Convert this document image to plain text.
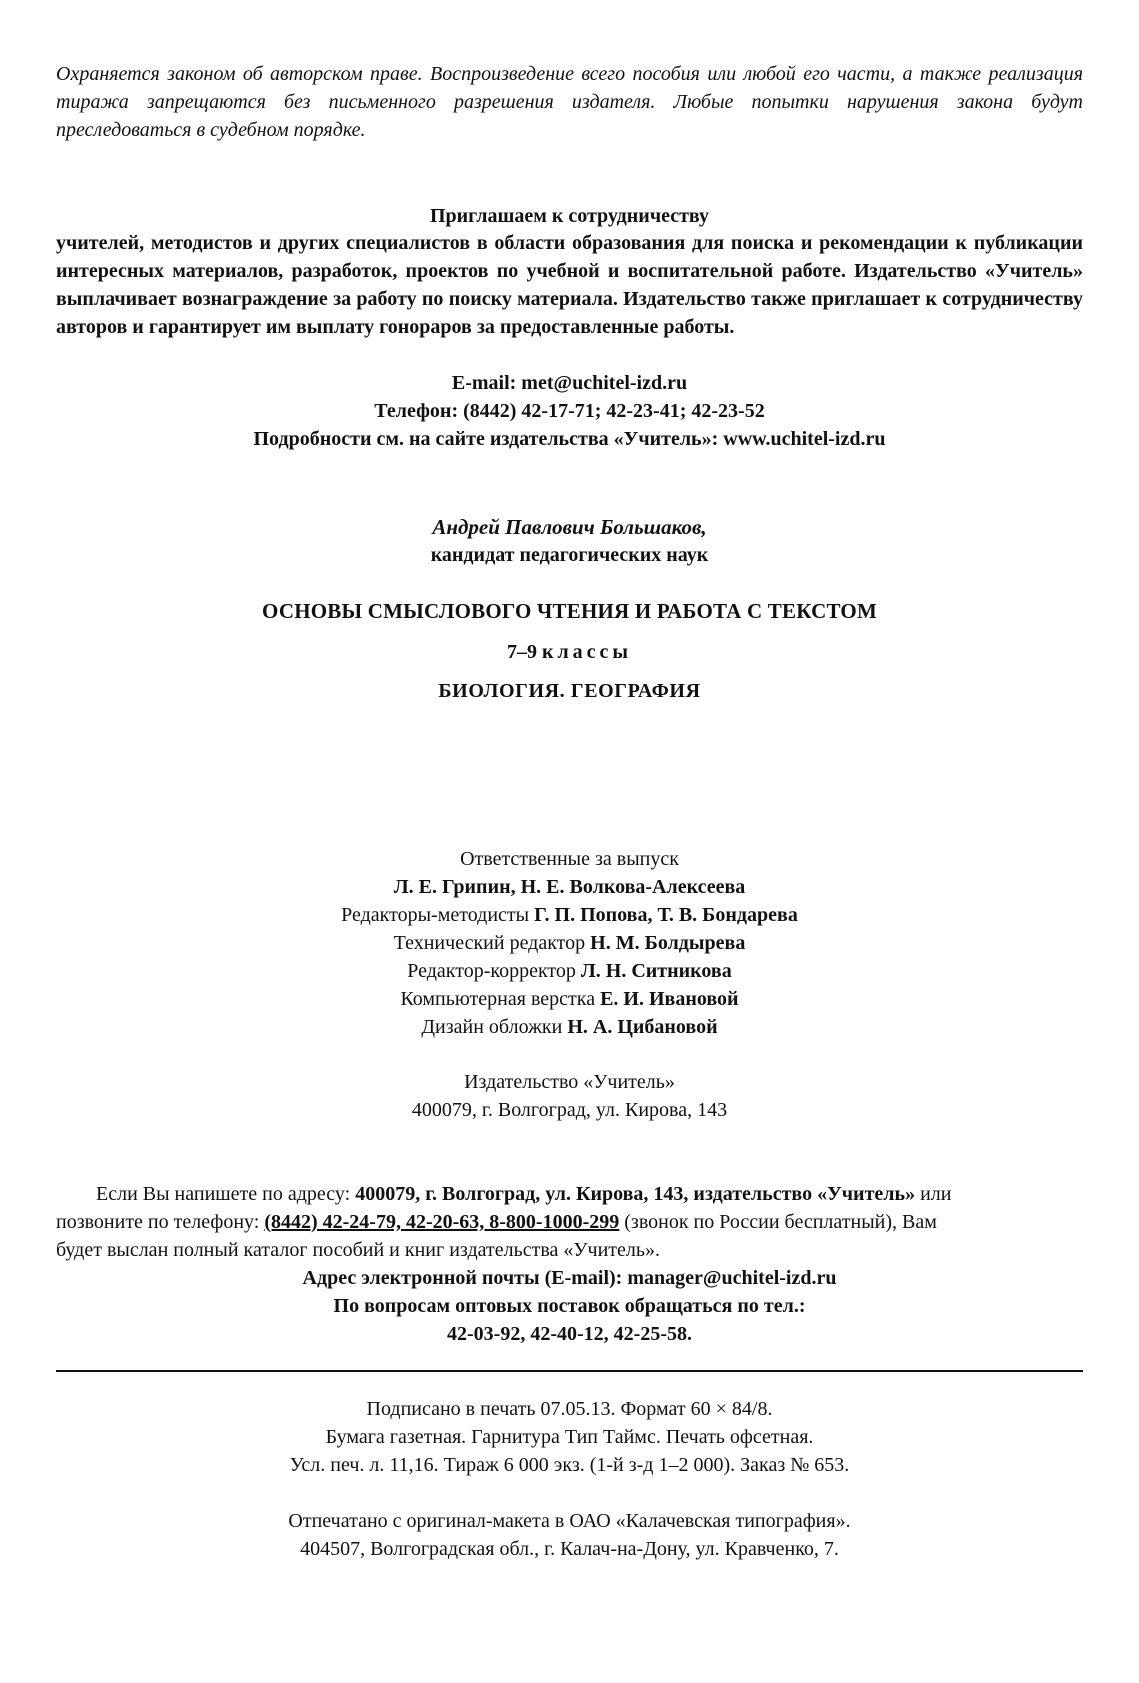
Охраняется законом об авторском праве. Воспроизведение всего пособия или любой его части, а также реализация тиража запрещаются без письменного разрешения издателя. Любые попытки нарушения закона будут преследоваться в судебном порядке.
Приглашаем к сотрудничеству
учителей, методистов и других специалистов в области образования для поиска и рекомендации к публикации интересных материалов, разработок, проектов по учебной и воспитательной работе. Издательство «Учитель» выплачивает вознаграждение за работу по поиску материала. Издательство также приглашает к сотрудничеству авторов и гарантирует им выплату гонораров за предоставленные работы.
E-mail: met@uchitel-izd.ru
Телефон: (8442) 42-17-71; 42-23-41; 42-23-52
Подробности см. на сайте издательства «Учитель»: www.uchitel-izd.ru
Андрей Павлович Большаков,
кандидат педагогических наук
ОСНОВЫ СМЫСЛОВОГО ЧТЕНИЯ И РАБОТА С ТЕКСТОМ
7–9 классы
БИОЛОГИЯ. ГЕОГРАФИЯ
Ответственные за выпуск
Л. Е. Грипин, Н. Е. Волкова-Алексеева
Редакторы-методисты Г. П. Попова, Т. В. Бондарева
Технический редактор Н. М. Болдырева
Редактор-корректор Л. Н. Ситникова
Компьютерная верстка Е. И. Ивановой
Дизайн обложки Н. А. Цибановой
Издательство «Учитель»
400079, г. Волгоград, ул. Кирова, 143

Если Вы напишете по адресу: 400079, г. Волгоград, ул. Кирова, 143, издательство «Учитель» или

позвоните по телефону: (8442) 42-24-79, 42-20-63, 8-800-1000-299 (звонок по России бесплатный), Вам

будет выслан полный каталог пособий и книг издательства «Учитель».

Адрес электронной почты (E-mail): manager@uchitel-izd.ru
По вопросам оптовых поставок обращаться по тел.:
42-03-92, 42-40-12, 42-25-58.
Подписано в печать 07.05.13. Формат 60 × 84/8.
Бумага газетная. Гарнитура Тип Таймс. Печать офсетная.
Усл. печ. л. 11,16. Тираж 6 000 экз. (1-й з-д 1–2 000). Заказ № 653.
Отпечатано с оригинал-макета в ОАО «Калачевская типография».
404507, Волгоградская обл., г. Калач-на-Дону, ул. Кравченко, 7.
